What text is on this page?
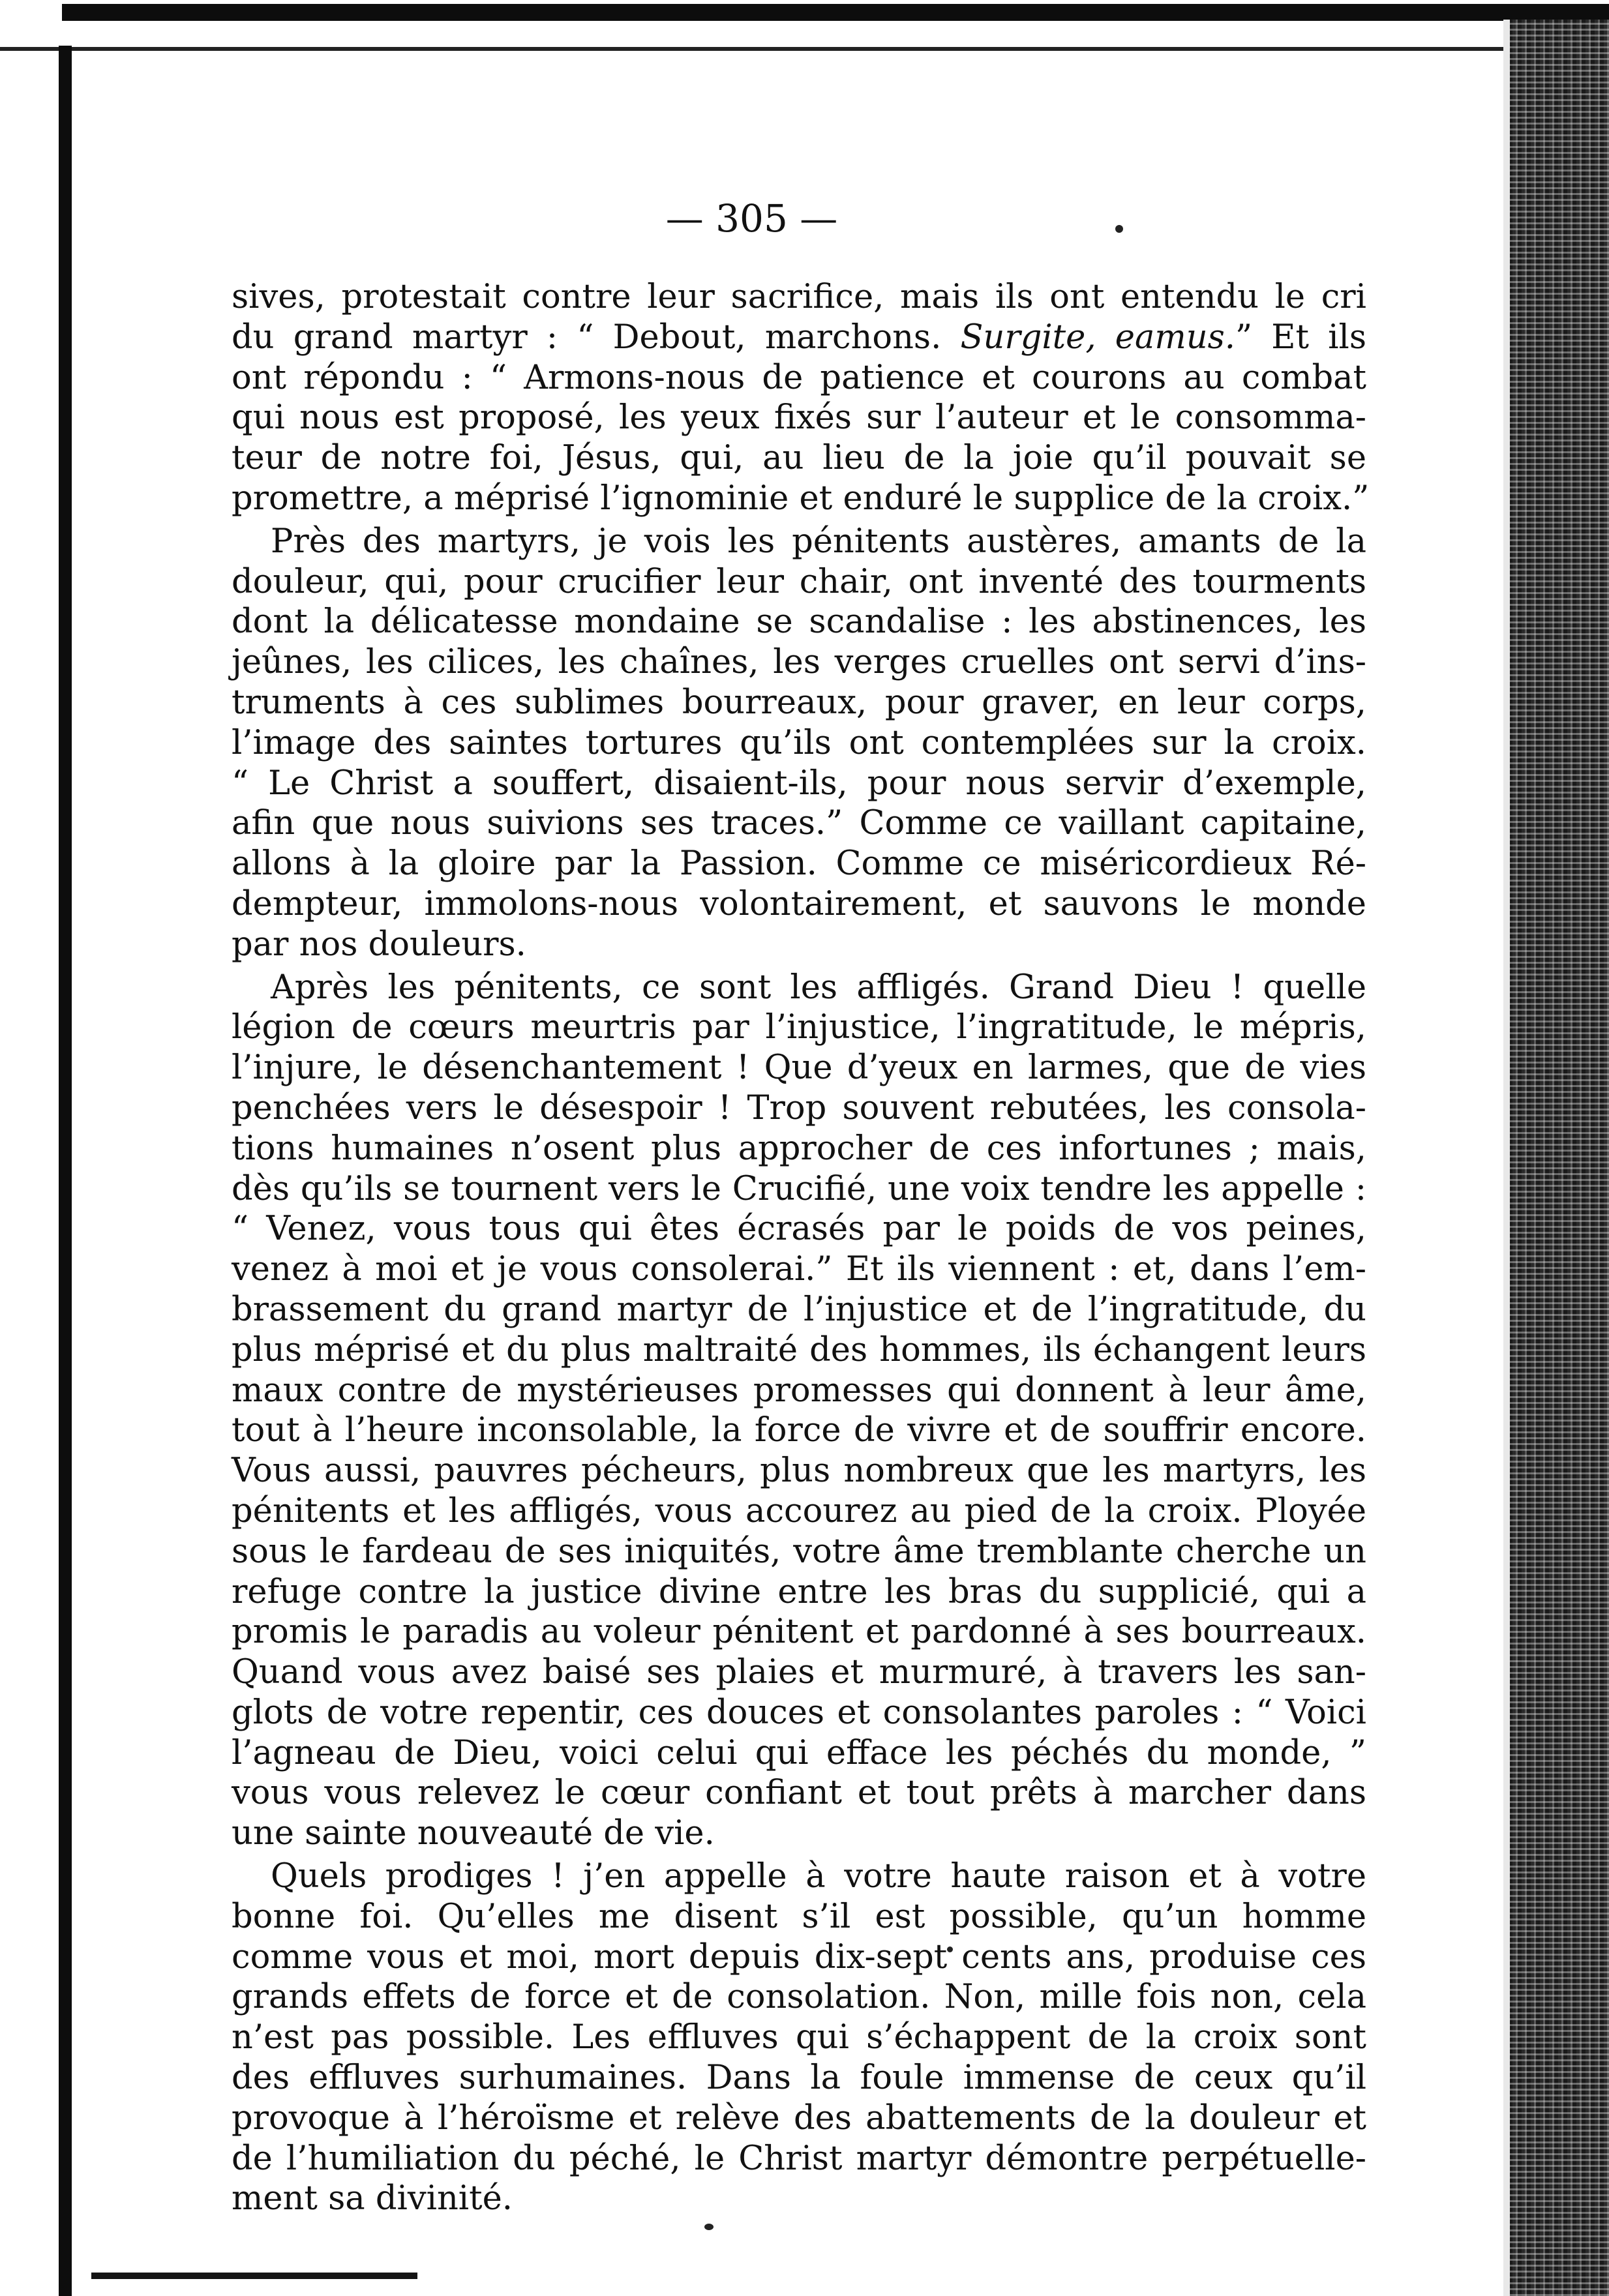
— 305 —
sives, protestait contre leur sacrifice, mais ils ont entendu le cri
du grand martyr : “ Debout, marchons. Surgite, eamus.” Et ils
ont répondu : “ Armons-nous de patience et courons au combat
qui nous est proposé, les yeux fixés sur l’auteur et le consomma-
teur de notre foi, Jésus, qui, au lieu de la joie qu’il pouvait se
promettre, a méprisé l’ignominie et enduré le supplice de la croix.”
Près des martyrs, je vois les pénitents austères, amants de la
douleur, qui, pour crucifier leur chair, ont inventé des tourments
dont la délicatesse mondaine se scandalise : les abstinences, les
jeûnes, les cilices, les chaînes, les verges cruelles ont servi d’ins-
truments à ces sublimes bourreaux, pour graver, en leur corps,
l’image des saintes tortures qu’ils ont contemplées sur la croix.
“ Le Christ a souffert, disaient-ils, pour nous servir d’exemple,
afin que nous suivions ses traces.” Comme ce vaillant capitaine,
allons à la gloire par la Passion. Comme ce miséricordieux Ré-
dempteur, immolons-nous volontairement, et sauvons le monde
par nos douleurs.
Après les pénitents, ce sont les affligés. Grand Dieu ! quelle
légion de cœurs meurtris par l’injustice, l’ingratitude, le mépris,
l’injure, le désenchantement ! Que d’yeux en larmes, que de vies
penchées vers le désespoir ! Trop souvent rebutées, les consola-
tions humaines n’osent plus approcher de ces infortunes ; mais,
dès qu’ils se tournent vers le Crucifié, une voix tendre les appelle :
“ Venez, vous tous qui êtes écrasés par le poids de vos peines,
venez à moi et je vous consolerai.” Et ils viennent : et, dans l’em-
brassement du grand martyr de l’injustice et de l’ingratitude, du
plus méprisé et du plus maltraité des hommes, ils échangent leurs
maux contre de mystérieuses promesses qui donnent à leur âme,
tout à l’heure inconsolable, la force de vivre et de souffrir encore.
Vous aussi, pauvres pécheurs, plus nombreux que les martyrs, les
pénitents et les affligés, vous accourez au pied de la croix. Ployée
sous le fardeau de ses iniquités, votre âme tremblante cherche un
refuge contre la justice divine entre les bras du supplicié, qui a
promis le paradis au voleur pénitent et pardonné à ses bourreaux.
Quand vous avez baisé ses plaies et murmuré, à travers les san-
glots de votre repentir, ces douces et consolantes paroles : “ Voici
l’agneau de Dieu, voici celui qui efface les péchés du monde, ”
vous vous relevez le cœur confiant et tout prêts à marcher dans
une sainte nouveauté de vie.
Quels prodiges ! j’en appelle à votre haute raison et à votre
bonne foi. Qu’elles me disent s’il est possible, qu’un homme
comme vous et moi, mort depuis dix-sept cents ans, produise ces
grands effets de force et de consolation. Non, mille fois non, cela
n’est pas possible. Les effluves qui s’échappent de la croix sont
des effluves surhumaines. Dans la foule immense de ceux qu’il
provoque à l’héroïsme et relève des abattements de la douleur et
de l’humiliation du péché, le Christ martyr démontre perpétuelle-
ment sa divinité.
